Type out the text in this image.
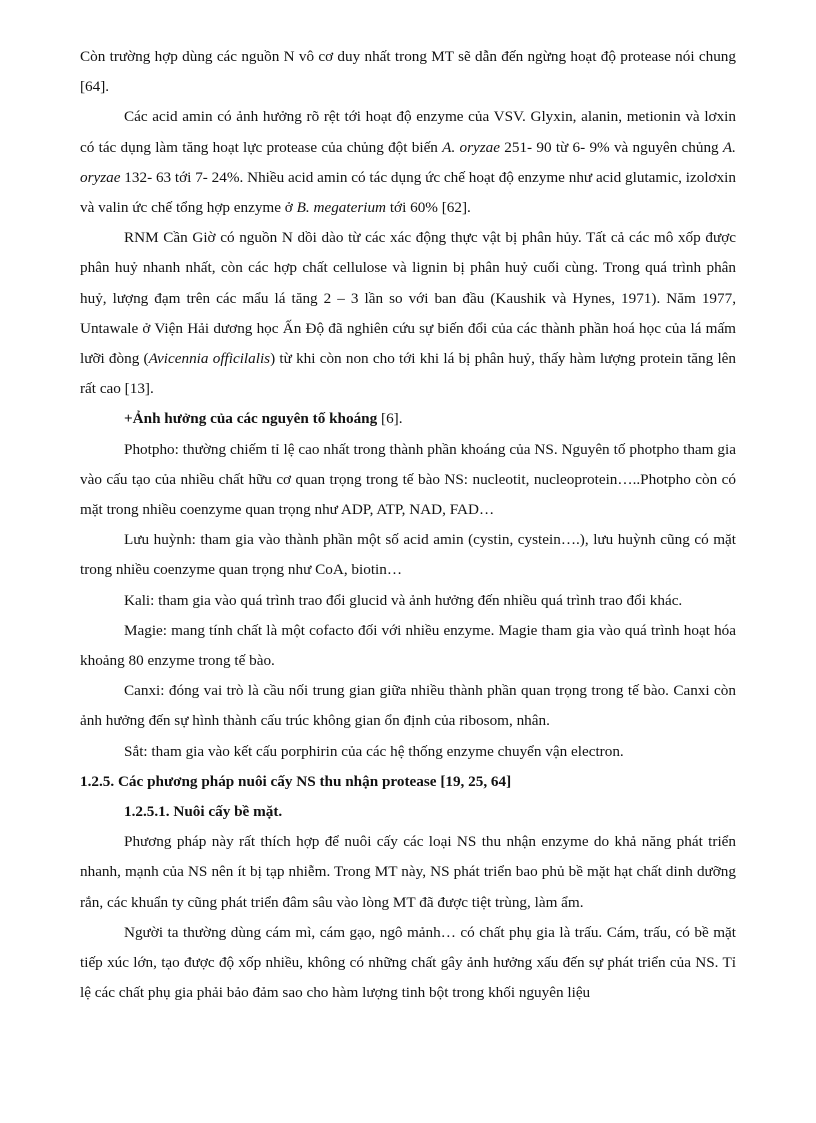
Còn trường hợp dùng các nguồn N vô cơ duy nhất trong MT sẽ dẫn đến ngừng hoạt độ protease nói chung [64].

Các acid amin có ảnh hưởng rõ rệt tới hoạt độ enzyme của VSV. Glyxin, alanin, metionin và lơxin có tác dụng làm tăng hoạt lực protease của chủng đột biến A. oryzae 251- 90 từ 6- 9% và nguyên chủng A. oryzae 132- 63 tới 7- 24%. Nhiều acid amin có tác dụng ức chế hoạt độ enzyme như acid glutamic, izolơxin và valin ức chế tổng hợp enzyme ở B. megaterium tới 60% [62].

RNM Cần Giờ có nguồn N dồi dào từ các xác động thực vật bị phân hủy. Tất cả các mô xốp được phân huỷ nhanh nhất, còn các hợp chất cellulose và lignin bị phân huỷ cuối cùng. Trong quá trình phân huỷ, lượng đạm trên các mẩu lá tăng 2 – 3 lần so với ban đầu (Kaushik và Hynes, 1971). Năm 1977, Untawale ở Viện Hải dương học Ấn Độ đã nghiên cứu sự biến đổi của các thành phần hoá học của lá mấm lưỡi đòng (Avicennia officilalis) từ khi còn non cho tới khi lá bị phân huỷ, thấy hàm lượng protein tăng lên rất cao [13].

+Ảnh hưởng của các nguyên tố khoáng [6].

Photpho: thường chiếm tỉ lệ cao nhất trong thành phần khoáng của NS. Nguyên tố photpho tham gia vào cấu tạo của nhiều chất hữu cơ quan trọng trong tế bào NS: nucleotit, nucleoprotein…..Photpho còn có mặt trong nhiều coenzyme quan trọng như ADP, ATP, NAD, FAD…

Lưu huỳnh: tham gia vào thành phần một số acid amin (cystin, cystein….), lưu huỳnh cũng có mặt trong nhiều coenzyme quan trọng như CoA, biotin…

Kali: tham gia vào quá trình trao đổi glucid và ảnh hưởng đến nhiều quá trình trao đổi khác.

Magie: mang tính chất là một cofacto đối với nhiều enzyme. Magie tham gia vào quá trình hoạt hóa khoảng 80 enzyme trong tế bào.

Canxi: đóng vai trò là cầu nối trung gian giữa nhiều thành phần quan trọng trong tế bào. Canxi còn ảnh hưởng đến sự hình thành cấu trúc không gian ổn định của ribosom, nhân.

Sắt: tham gia vào kết cấu porphirin của các hệ thống enzyme chuyển vận electron.

1.2.5. Các phương pháp nuôi cấy NS thu nhận protease [19, 25, 64]

1.2.5.1. Nuôi cấy bề mặt.

Phương pháp này rất thích hợp để nuôi cấy các loại NS thu nhận enzyme do khả năng phát triển nhanh, mạnh của NS nên ít bị tạp nhiễm. Trong MT này, NS phát triển bao phủ bề mặt hạt chất dinh dưỡng rắn, các khuẩn ty cũng phát triển đâm sâu vào lòng MT đã được tiệt trùng, làm ẩm.

Người ta thường dùng cám mì, cám gạo, ngô mảnh… có chất phụ gia là trấu. Cám, trấu, có bề mặt tiếp xúc lớn, tạo được độ xốp nhiều, không có những chất gây ảnh hưởng xấu đến sự phát triển của NS. Tỉ lệ các chất phụ gia phải bảo đảm sao cho hàm lượng tinh bột trong khối nguyên liệu
